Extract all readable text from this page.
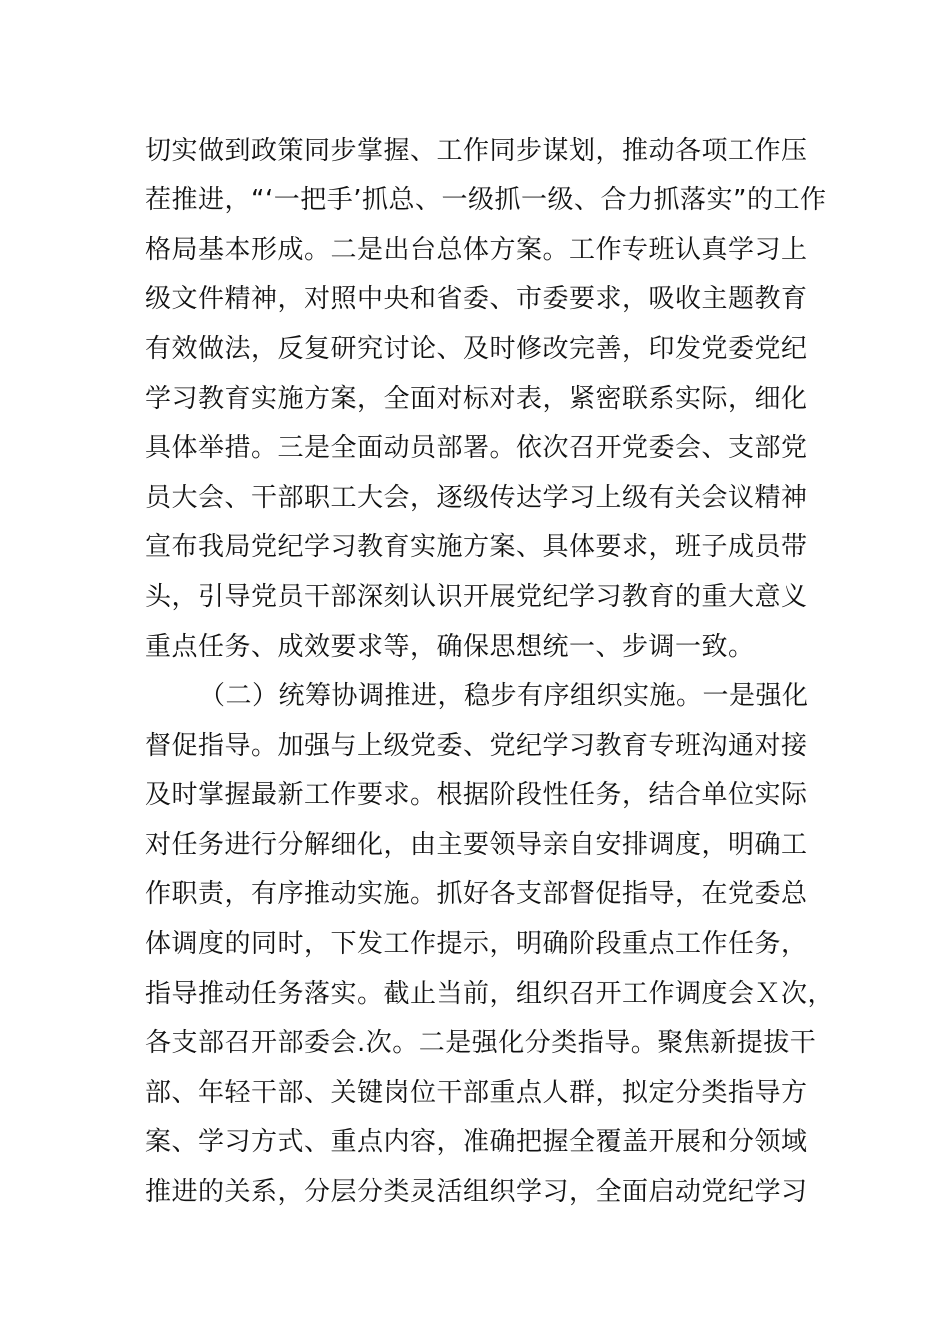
切实做到政策同步掌握、工作同步谋划，推动各项工作压
茬推进，“‘一把手’抓总、一级抓一级、合力抓落实”的工作
格局基本形成。二是出台总体方案。工作专班认真学习上
级文件精神，对照中央和省委、市委要求，吸收主题教育
有效做法，反复研究讨论、及时修改完善，印发党委党纪
学习教育实施方案，全面对标对表，紧密联系实际，细化
具体举措。三是全面动员部署。依次召开党委会、支部党
员大会、干部职工大会，逐级传达学习上级有关会议精神
宣布我局党纪学习教育实施方案、具体要求，班子成员带
头，引导党员干部深刻认识开展党纪学习教育的重大意义
重点任务、成效要求等，确保思想统一、步调一致。
（二）统筹协调推进，稳步有序组织实施。一是强化
督促指导。加强与上级党委、党纪学习教育专班沟通对接
及时掌握最新工作要求。根据阶段性任务，结合单位实际
对任务进行分解细化，由主要领导亲自安排调度，明确工
作职责，有序推动实施。抓好各支部督促指导，在党委总
体调度的同时，下发工作提示，明确阶段重点工作任务，
指导推动任务落实。截止当前，组织召开工作调度会Ｘ次，
各支部召开部委会.次。二是强化分类指导。聚焦新提拔干
部、年轻干部、关键岗位干部重点人群，拟定分类指导方
案、学习方式、重点内容，准确把握全覆盖开展和分领域
推进的关系，分层分类灵活组织学习，全面启动党纪学习
